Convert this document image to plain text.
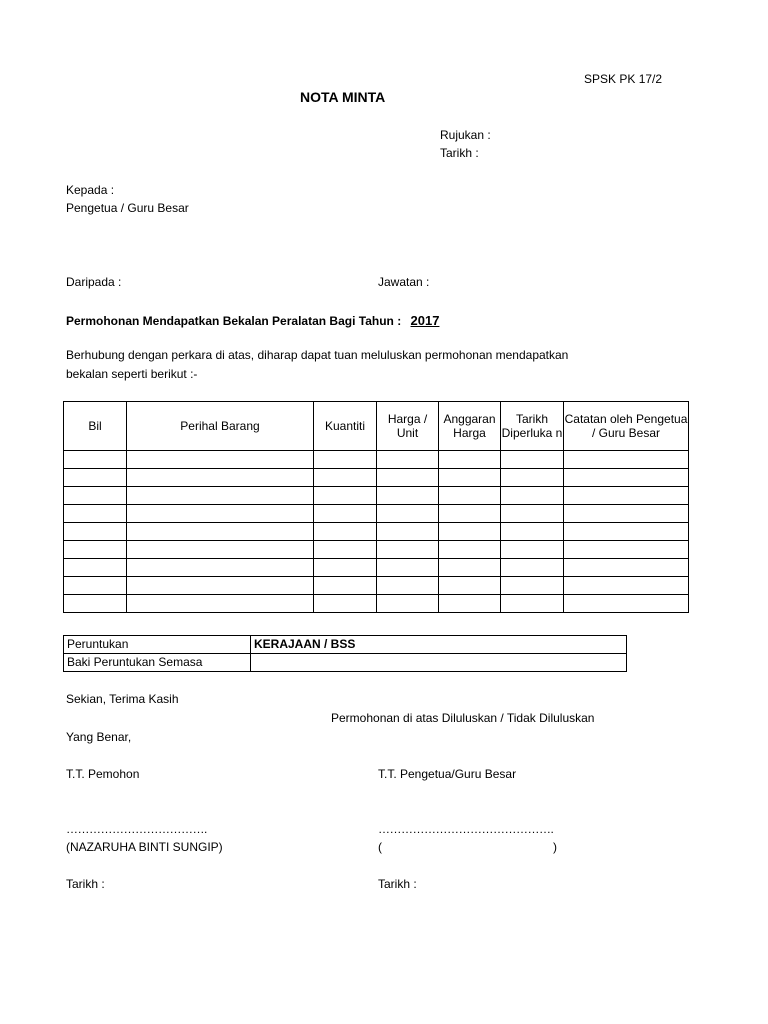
SPSK PK 17/2
NOTA MINTA
Rujukan :
Tarikh :
Kepada :
Pengetua / Guru Besar
Daripada :	Jawatan :
Permohonan Mendapatkan Bekalan Peralatan Bagi Tahun : 2017
Berhubung dengan perkara di atas, diharap dapat tuan meluluskan permohonan mendapatkan
bekalan seperti berikut :-
Bil	Perihal Barang	Kuantiti	Harga / Unit	Anggaran Harga	Tarikh Diperluka n	Catatan oleh Pengetua / Guru Besar

Peruntukan	KERAJAAN / BSS
Baki Peruntukan Semasa	
Sekian, Terima Kasih
Permohonan di atas Diluluskan / Tidak Diluluskan
Yang Benar,
T.T. Pemohon	T.T. Pengetua/Guru Besar
……………………………….	……………………………………….
(NAZARUHA BINTI SUNGIP)	(	)
Tarikh :	Tarikh :
